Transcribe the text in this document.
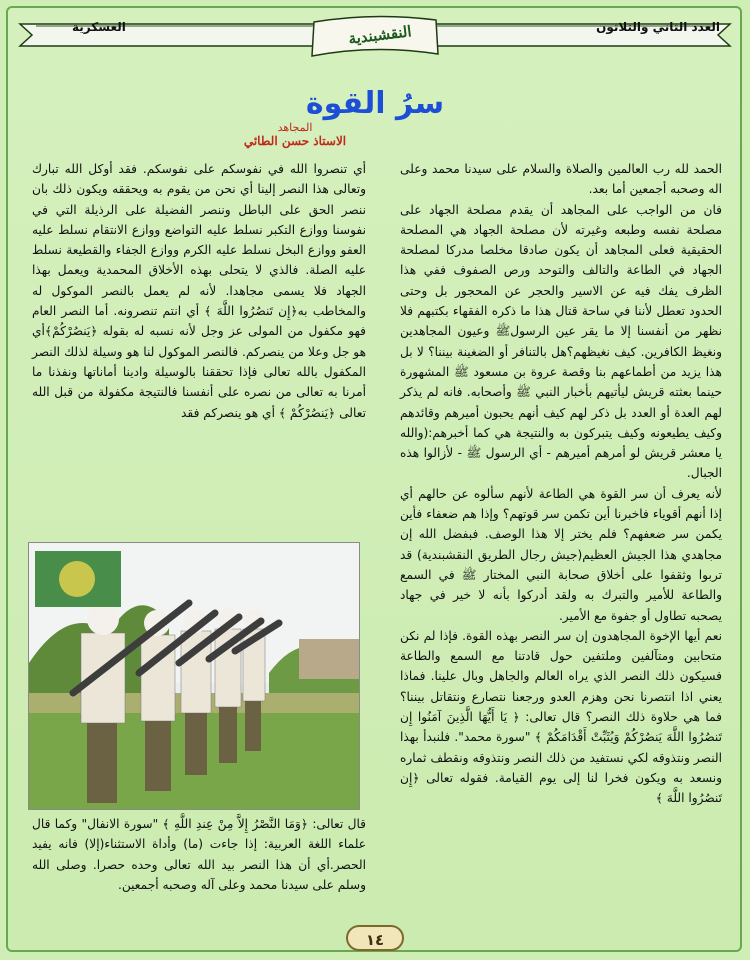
العدد الثاني والثلاثون
العسكرية	النقشبندية
سرُ القوة
المجاهد
الاستاذ حسن الطائي

الحمد لله رب العالمين والصلاة والسلام على سيدنا محمد وعلى اله وصحبه أجمعين أما بعد.

فان من الواجب على المجاهد أن يقدم مصلحة الجهاد على مصلحة نفسه وطبعه وغيرته لأن مصلحة الجهاد هي المصلحة الحقيقية فعلى المجاهد أن يكون صادقا مخلصا مدركا لمصلحة الجهاد في الطاعة والتالف والتوحد ورص الصفوف ففي هذا الظرف يفك فيه عن الاسير والحجر عن المحجور بل وحتى الحدود تعطل لأننا في ساحة قتال هذا ما ذكره الفقهاء بكتبهم فلا نظهر من أنفسنا إلا ما يقر عين الرسولﷺ وعيون المجاهدين ونغيظ الكافرين. كيف نغيظهم؟هل بالتنافر أو الضغينة بيننا؟ لا بل هذا يزيد من أطماعهم بنا وقصة عروة بن مسعود ﷺ المشهورة حينما بعثته قريش ليأتيهم بأخبار النبي ﷺ وأصحابه. فانه لم يذكر لهم العدة أو العدد بل ذكر لهم كيف أنهم يحبون أميرهم وقائدهم وكيف يطيعونه وكيف يتبركون به والنتيجة هي كما أخبرهم:(والله يا معشر قريش لو أمرهم أميرهم - أي الرسول ﷺ - لأزالوا هذه الجبال.

لأنه يعرف أن سر القوة هي الطاعة لأنهم سألوه عن حالهم أي إذا أنهم أقوياء فاخبرنا أين تكمن سر قوتهم؟ وإذا هم ضعفاء فأين يكمن سر ضعفهم؟ فلم يختر إلا هذا الوصف. فبفضل الله إن مجاهدي هذا الجيش العظيم(جيش رجال الطريق النقشبندية) قد تربوا وثقفوا على أخلاق صحابة النبي المختار ﷺ في السمع والطاعة للأمير والتبرك به ولقد أدركوا بأنه لا خير في جهاد يصحبه تطاول أو جفوة مع الأمير.

نعم أيها الإخوة المجاهدون إن سر النصر بهذه القوة. فإذا لم نكن متحابين ومتآلفين وملتفين حول قادتنا مع السمع والطاعة فسيكون ذلك النصر الذي يراه العالم والجاهل وبال علينا. فماذا يعني اذا انتصرنا نحن وهزم العدو ورجعنا نتصارع ونتقاتل بيننا؟ فما هي حلاوة ذلك النصر؟ قال تعالى: ﴿ يَا أَيُّهَا الَّذِينَ آمَنُوا إِن تَنصُرُوا اللَّهَ يَنصُرْكُمْ وَيُثَبِّتْ أَقْدَامَكُمْ ﴾ "سورة محمد". فلنبدأ بهذا النصر ونتذوقه لكي نستفيد من ذلك النصر ونتذوقه ونقطف ثماره ونسعد به ويكون فخرا لنا إلى يوم القيامة. فقوله تعالى ﴿إِن تَنصُرُوا اللَّهَ ﴾

أي تنصروا الله في نفوسكم على نفوسكم. فقد أوكل الله تبارك وتعالى هذا النصر إلينا أي نحن من يقوم به ويحققه ويكون ذلك بان ننصر الحق على الباطل وننصر الفضيلة على الرذيلة التي في نفوسنا ووازع التكبر نسلط عليه التواضع ووازع الانتقام نسلط عليه العفو ووازع البخل نسلط عليه الكرم ووازع الجفاء والقطيعة نسلط عليه الصلة. فالذي لا يتحلى بهذه الأخلاق المحمدية ويعمل بهذا الجهاد فلا يسمى مجاهدا. لأنه لم يعمل بالنصر الموكول له والمخاطب به﴿إِن تَنصُرُوا اللَّهَ ﴾ أي انتم تنصرونه. أما النصر العام فهو مكفول من المولى عز وجل لأنه نسبه له بقوله ﴿يَنصُرْكُمْ﴾أي هو جل وعلا من ينصركم. فالنصر الموكول لنا هو وسيلة لذلك النصر المكفول بالله تعالى فإذا تحققنا بالوسيلة وادينا أماناتها ونفذنا ما أمرنا به تعالى من نصره على أنفسنا فالنتيجة مكفولة من قبل الله تعالى ﴿يَنصُرْكُمْ ﴾ أي هو ينصركم فقد

قال تعالى: ﴿وَمَا النَّصْرُ إِلاَّ مِنْ عِندِ اللَّهِ ﴾ "سورة الانفال" وكما قال علماء اللغة العربية: إذا جاءت (ما) وأداة الاستثناء(إلا) فانه يفيد الحصر.أي أن هذا النصر بيد الله تعالى وحده حصرا. وصلى الله وسلم على سيدنا محمد وعلى آله وصحبه أجمعين.

١٤
